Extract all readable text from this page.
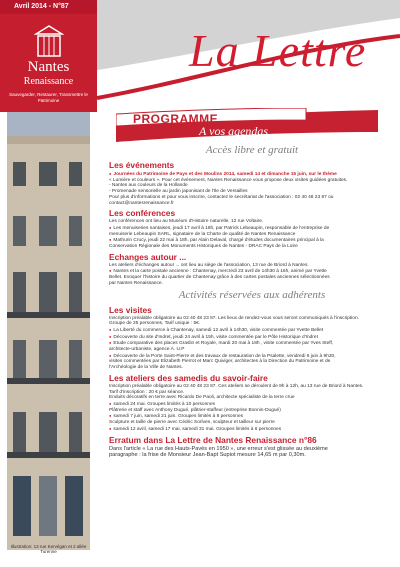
Avril 2014 - N°87
Nantes
Renaissance
Sauvegarder, Restaurer, Transmettre le Patrimoine
Illustration: 13 rue Kervégan et 2 allée Turenne
La Lettre
PROGRAMME
A vos agendas ...
Accès libre et gratuit
Les événements
● Journées du Patrimoine de Pays et des Moulins 2014, samedi 14 et dimanche 15 juin, sur le thème
« Lumière et couleurs ». Pour cet événement, Nantes Renaissance vous propose deux visites guidées gratuites.
- Nantes aux couleurs de la Hollande
- Promenade sensorielle au jardin japonisant de l'Ile de Versailles
Pour plus d'informations et pour vous inscrire, contactez le secrétariat de l'association : 02 40 48 23 87 ou
contact@nantesrenaissance.fr
Les conférences
Les conférences ont lieu au Muséum d'Histoire naturelle, 12 rue Voltaire.
● Les menuiseries nantaises, jeudi 17 avril à 18h, par Patrick Lebeaupin, responsable de l'entreprise de
menuiserie Lebeaupin SARL, signataire de la Charte de qualité de Nantes Renaissance
● Mathurin Crucy, jeudi 22 mai à 18h, par Alain Delaval, chargé d'études documentaires principal à la
Conservation Régionale des Monuments Historiques de Nantes - DRAC Pays de la Loire
Echanges autour ...
Les ateliers d'échanges autour ... ont lieu au siège de l'association, 13 rue de Briord à Nantes.
● Nantes et la carte postale ancienne : Chantenay, mercredi 23 avril de 14h30 à 16h, animé par Yvette
Bellet. Evoquer l'histoire du quartier de Chantenay grâce à des cartes postales anciennes sélectionnées
par Nantes Renaissance.
Activités réservées aux adhérents
Les visites
Inscription préalable obligatoire au 02 40 48 23 87. Les lieux de rendez-vous vous seront communiqués à l'inscription.
Groupe de 25 personnes. Tarif unique : 5€.
● La Liberté du commerce à Chantenay, samedi 12 avril à 14h30, visite commentée par Yvette Bellet
● Découverte du site d'Indret, jeudi 24 avril à 15h, visite commentée par le Pôle Historique d'Indret
● Etude comparative des places Graslin et Royale, mardi 20 mai à 18h , visite commentée par Yves Steff,
architecte-urbaniste, agence A. U.P
● Découverte de la Porte Saint-Pierre et des travaux de restauration de la Psalette, vendredi 6 juin à 9h30,
visites commentées par Elizabeth Pierrot et Marc Quiviger, architectes à la Direction du Patrimoine et de
l'Archéologie de la Ville de Nantes.
Les ateliers des samedis du savoir-faire
Inscription préalable obligatoire au 02 40 48 23 87. Ces ateliers se déroulent de 9h à 12h, au 13 rue de Briord à Nantes.
Tarif d'inscription : 20 € par séance.
Enduits décoratifs en terre avec Ricardo De Paoli, architecte spécialiste de la terre crue
● samedi 24 mai. Groupes limités à 10 personnes
Plâtrerie et staff avec Anthony Dugué, plâtrier-staffeur (entreprise Bonnin-Dugué)
● samedi 7 juin, samedi 21 juin. Groupes limités à 8 personnes
Sculpture et taille de pierre avec Cédric Sorlven, sculpteur et tailleur sur pierre
● samedi 12 avril, samedi 17 mai, samedi 31 mai. Groupes limités à 6 personnes
Erratum dans La Lettre de Nantes Renaissance n°86
Dans l'article « La rue des Hauts-Pavés en 1950 », une erreur s'est glissée au deuxième
paragraphe : la frise de Monsieur Jean-Bapt Supiot mesure 14,65 m par 0,30m.
